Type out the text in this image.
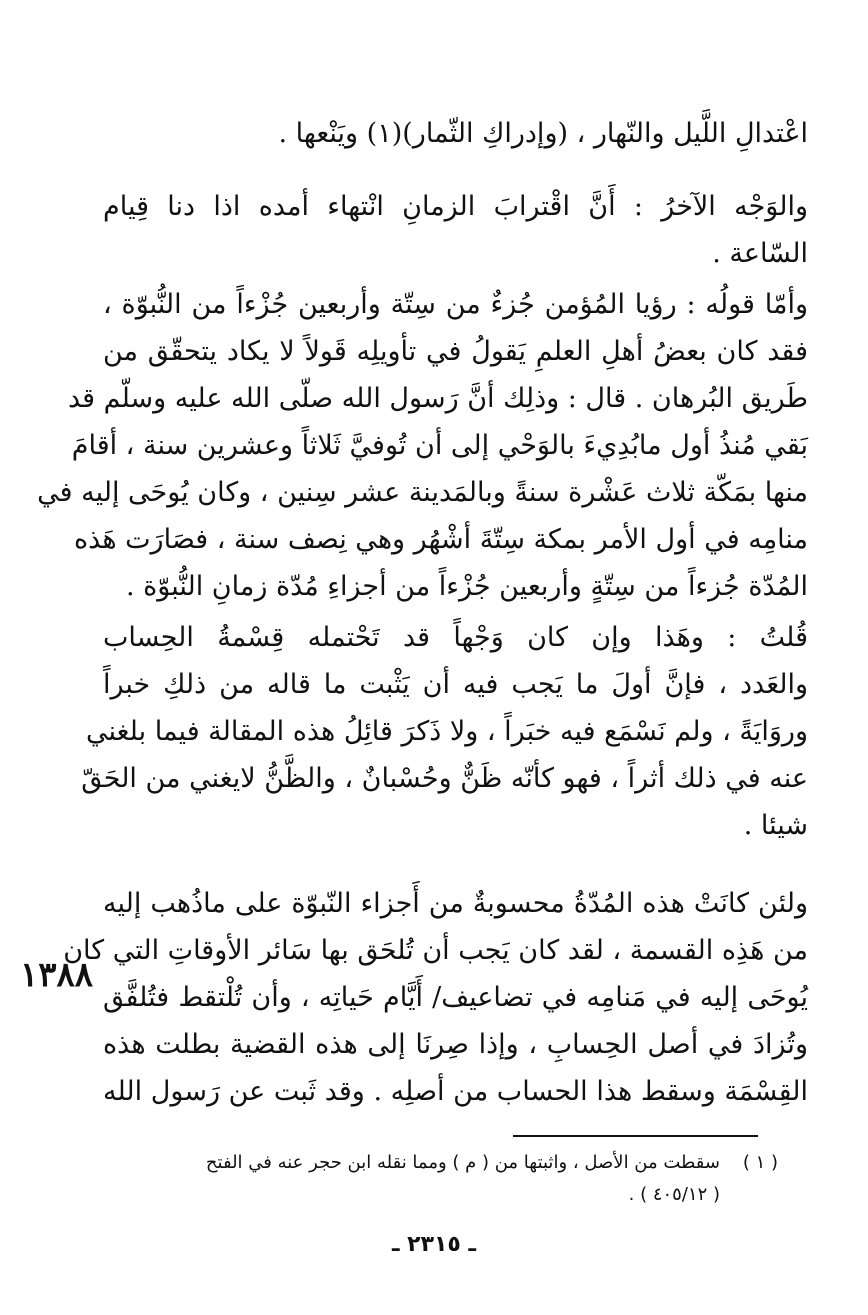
اعْتدالِ اللَّيل والنّهار ، (وإدراكِ الثّمار)(١) ويَنْعها .
والوَجْه الآخرُ : أَنَّ اقْترابَ الزمانِ انْتهاء أمده اذا دنا قِيام
السّاعة .
وأمّا قولُه : رؤيا المُؤمن جُزءٌ من سِتّة وأربعين جُزْءاً من النُّبوّة ،
فقد كان بعضُ أهلِ العلمِ يَقولُ في تأويلِه قَولاً لا يكاد يتحقّق من
طَريق البُرهان . قال : وذلِك أنَّ رَسول الله صلّى الله عليه وسلّم قد
بَقي مُنذُ أول مابُدِيءَ بالوَحْي إلى أن تُوفيَّ ثَلاثاً وعشرين سنة ، أقامَ
منها بمَكّة ثلاث عَشْرة سنةً وبالمَدينة عشر سِنين ، وكان يُوحَى إليه في
منامِه في أول الأمر بمكة سِتّةَ أشْهُر وهي نِصف سنة ، فصَارَت هَذه
المُدّة جُزءاً من سِتّةٍ وأربعين جُزْءاً من أجزاءِ مُدّة زمانِ النُّبوّة .
قُلتُ : وهَذا وإن كان وَجْهاً قد تَحْتمله قِسْمةُ الحِساب
والعَدد ، فإنَّ أولَ ما يَجب فيه أن يَثْبت ما قاله من ذلكِ خبراً
وروَايَةً ، ولم نَسْمَع فيه خبَراً ، ولا ذَكرَ قائِلُ هذه المقالة فيما بلغني
عنه في ذلك أثراً ، فهو كأنّه ظَنٌّ وحُسْبانٌ ، والظَّنُّ لايغني من الحَقّ
شيئا .
ولئن كانَتْ هذه المُدّةُ محسوبةٌ من أَجزاء النّبوّة على ماذُهب إليه
من هَذِه القسمة ، لقد كان يَجب أن تُلحَق بها سَائر الأوقاتِ التي كان
يُوحَى إليه في مَنامِه في تضاعيف/ أَيَّام حَياتِه ، وأن تُلْتقط فتُلفَّق
وتُزادَ في أصل الحِسابِ ، وإذا صِرنَا إلى هذه القضية بطلت هذه
القِسْمَة وسقط هذا الحساب من أصلِه . وقد ثَبت عن رَسول الله
١٣٨٨
( ١ )
سقطت من الأصل ، واثبتها من ( م ) ومما نقله ابن حجر عنه في الفتح
( ٤٠٥/١٢ ) .
ـ ٢٣١٥ ـ
